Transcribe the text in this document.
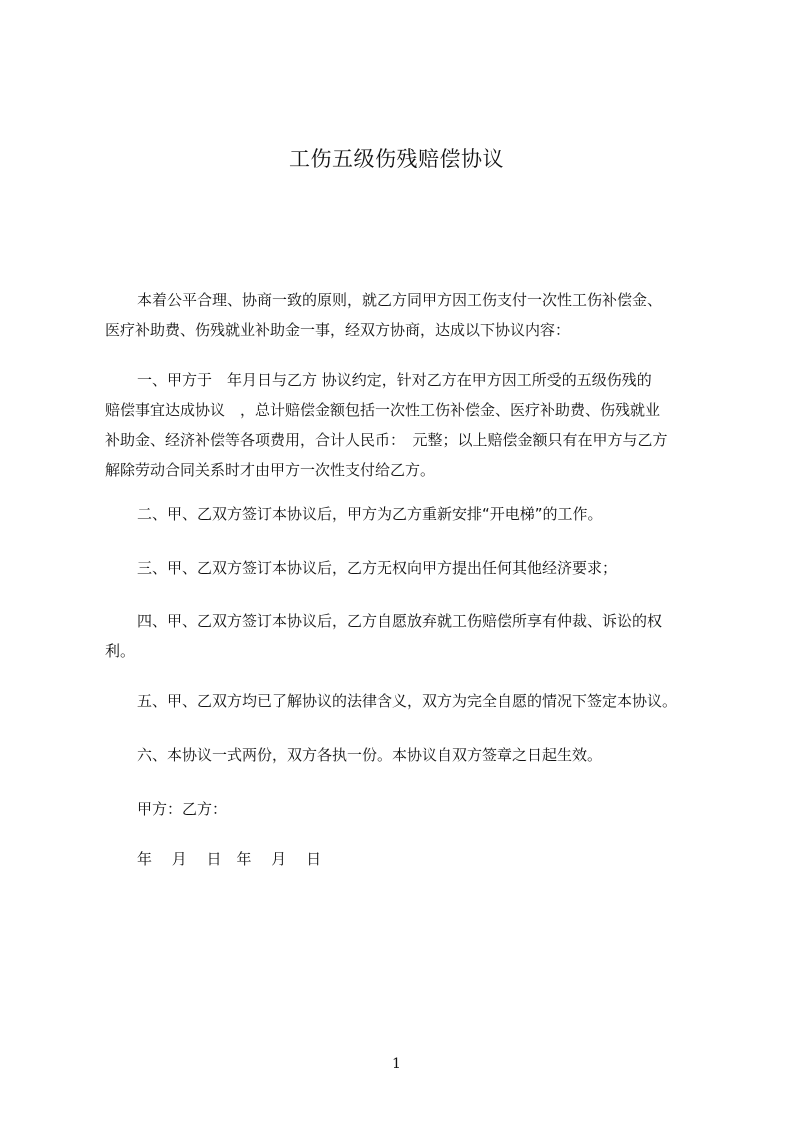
工伤五级伤残赔偿协议
本着公平合理、协商一致的原则，就乙方同甲方因工伤支付一次性工伤补偿金、
医疗补助费、伤残就业补助金一事，经双方协商，达成以下协议内容：
一、甲方于　年月日与乙方 协议约定，针对乙方在甲方因工所受的五级伤残的
赔偿事宜达成协议　，总计赔偿金额包括一次性工伤补偿金、医疗补助费、伤残就业
补助金、经济补偿等各项费用，合计人民币：　元整；以上赔偿金额只有在甲方与乙方
解除劳动合同关系时才由甲方一次性支付给乙方。
二、甲、乙双方签订本协议后，甲方为乙方重新安排“开电梯”的工作。
三、甲、乙双方签订本协议后，乙方无权向甲方提出任何其他经济要求；
四、甲、乙双方签订本协议后，乙方自愿放弃就工伤赔偿所享有仲裁、诉讼的权
利。
五、甲、乙双方均已了解协议的法律含义，双方为完全自愿的情况下签定本协议。
六、本协议一式两份，双方各执一份。本协议自双方签章之日起生效。
甲方：乙方：
年　 月　 日　年　 月　 日
1
